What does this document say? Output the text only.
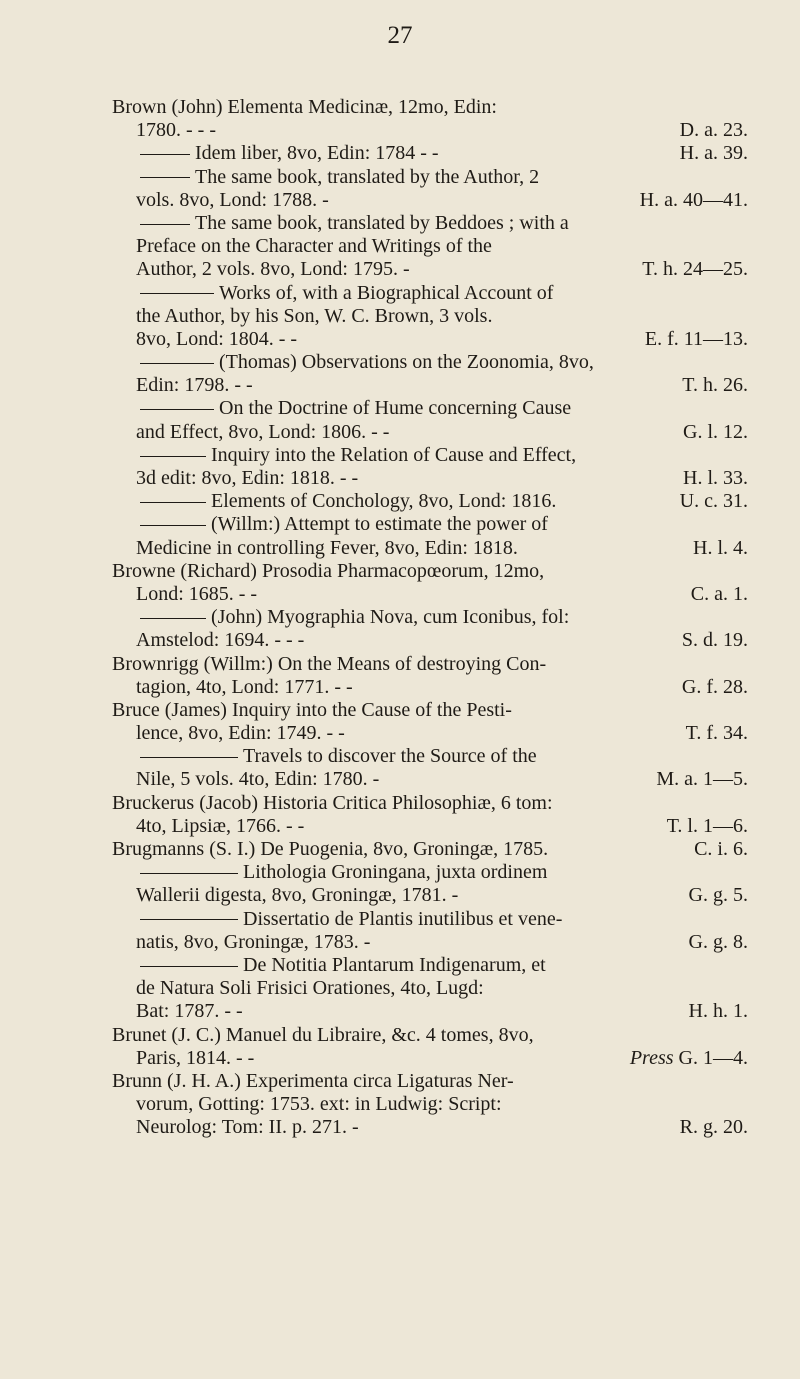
27
Brown (John) Elementa Medicinæ, 12mo, Edin:
1780. - - -	D. a. 23.
Idem liber, 8vo, Edin: 1784 - -	H. a. 39.
The same book, translated by the Author, 2
vols. 8vo, Lond: 1788. -	H. a. 40—41.
The same book, translated by Beddoes ; with a
Preface on the Character and Writings of the
Author, 2 vols. 8vo, Lond: 1795. -	T. h. 24—25.
Works of, with a Biographical Account of
the Author, by his Son, W. C. Brown, 3 vols.
8vo, Lond: 1804. - -	E. f. 11—13.
(Thomas) Observations on the Zoonomia, 8vo,
Edin: 1798. - -	T. h. 26.
On the Doctrine of Hume concerning Cause
and Effect, 8vo, Lond: 1806. - -	G. l. 12.
Inquiry into the Relation of Cause and Effect,
3d edit: 8vo, Edin: 1818. - -	H. l. 33.
Elements of Conchology, 8vo, Lond: 1816.	U. c. 31.
(Willm:) Attempt to estimate the power of
Medicine in controlling Fever, 8vo, Edin: 1818.	H. l. 4.
Browne (Richard) Prosodia Pharmacopœorum, 12mo,
Lond: 1685. - -	C. a. 1.
(John) Myographia Nova, cum Iconibus, fol:
Amstelod: 1694. - - -	S. d. 19.
Brownrigg (Willm:) On the Means of destroying Con-
tagion, 4to, Lond: 1771. - -	G. f. 28.
Bruce (James) Inquiry into the Cause of the Pesti-
lence, 8vo, Edin: 1749. - -	T. f. 34.
Travels to discover the Source of the
Nile, 5 vols. 4to, Edin: 1780. -	M. a. 1—5.
Bruckerus (Jacob) Historia Critica Philosophiæ, 6 tom:
4to, Lipsiæ, 1766. - -	T. l. 1—6.
Brugmanns (S. I.) De Puogenia, 8vo, Groningæ, 1785.	C. i. 6.
Lithologia Groningana, juxta ordinem
Wallerii digesta, 8vo, Groningæ, 1781. -	G. g. 5.
Dissertatio de Plantis inutilibus et vene-
natis, 8vo, Groningæ, 1783. -	G. g. 8.
De Notitia Plantarum Indigenarum, et
de Natura Soli Frisici Orationes, 4to, Lugd:
Bat: 1787. - -	H. h. 1.
Brunet (J. C.) Manuel du Libraire, &c. 4 tomes, 8vo,
Paris, 1814. - -	Press G. 1—4.
Brunn (J. H. A.) Experimenta circa Ligaturas Ner-
vorum, Gotting: 1753. ext: in Ludwig: Script:
Neurolog: Tom: II. p. 271. -	R. g. 20.
